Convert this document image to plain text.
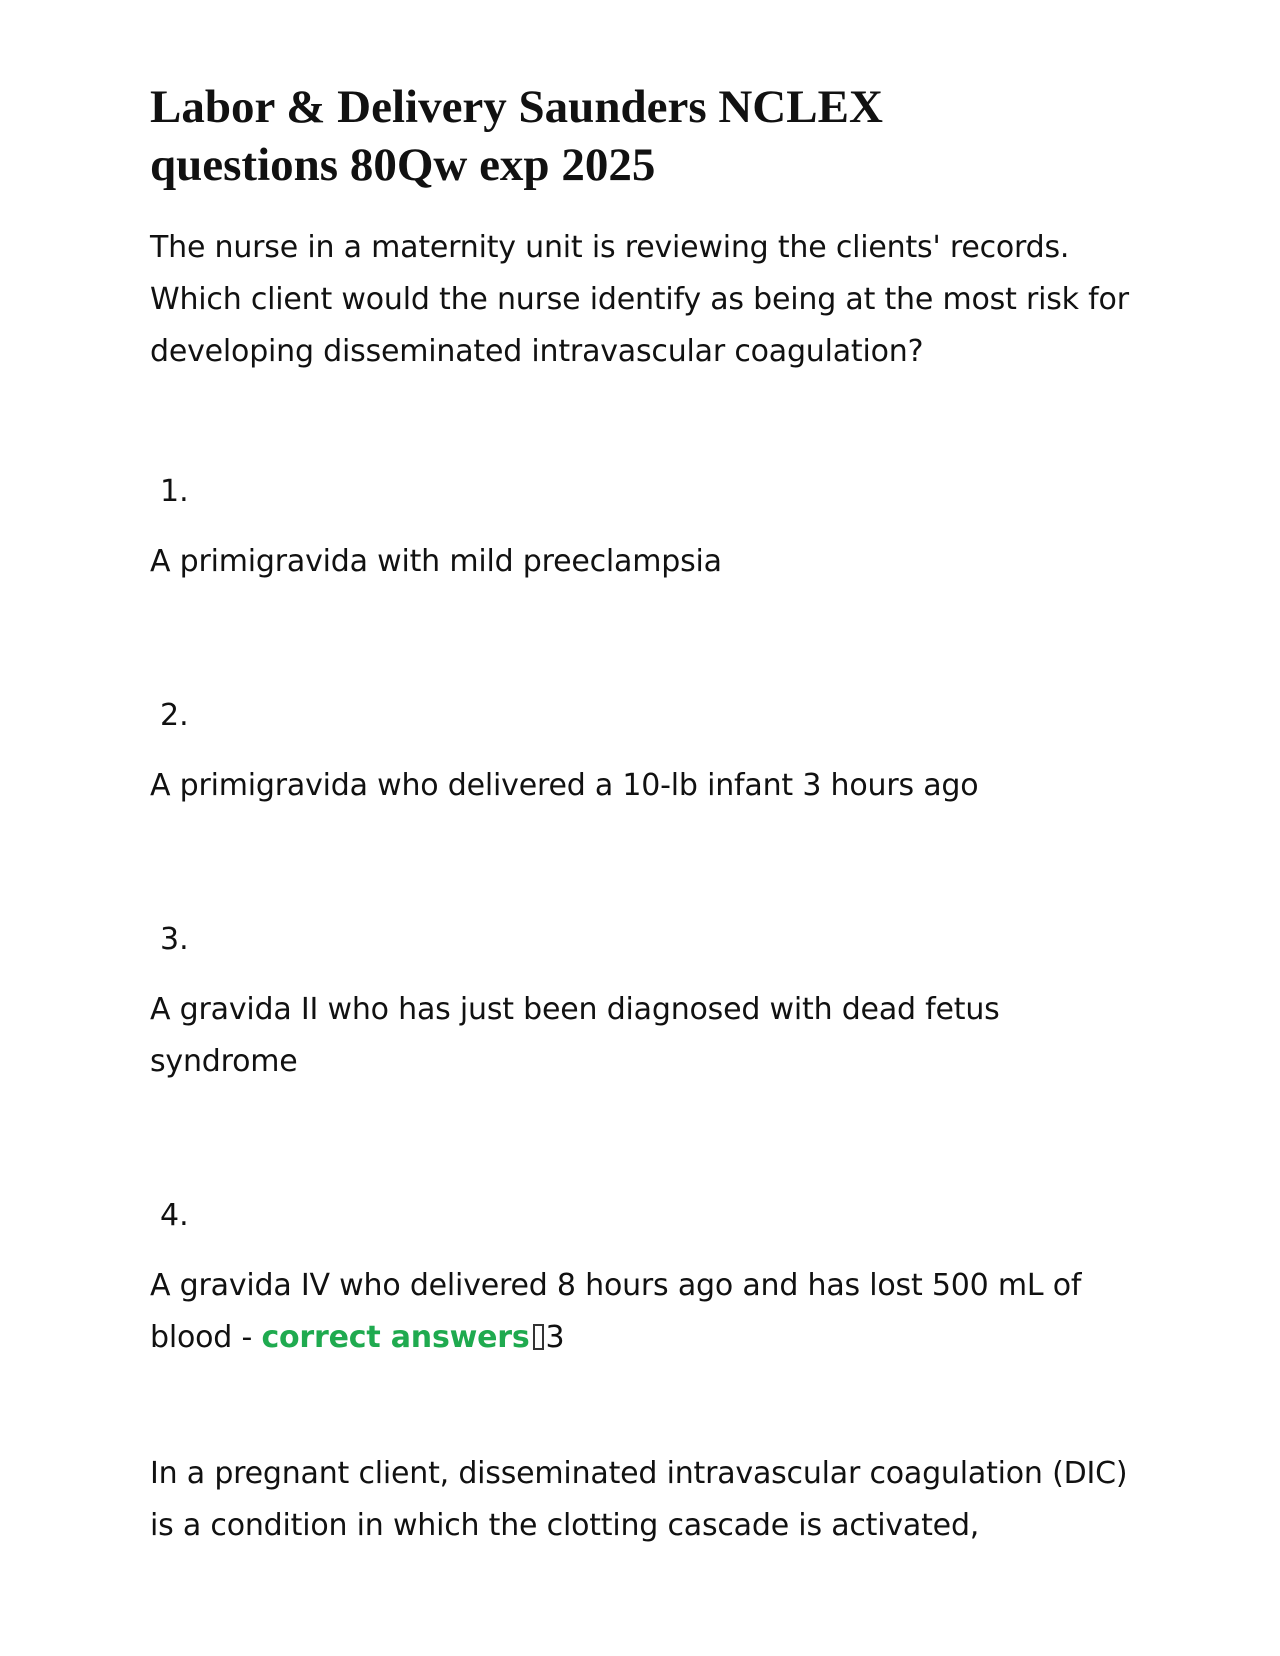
Labor & Delivery Saunders NCLEX questions 80Qw exp 2025

The nurse in a maternity unit is reviewing the clients' records. Which client would the nurse identify as being at the most risk for developing disseminated intravascular coagulation?

1.

A primigravida with mild preeclampsia

2.

A primigravida who delivered a 10-lb infant 3 hours ago

3.

A gravida II who has just been diagnosed with dead fetus syndrome

4.

A gravida IV who delivered 8 hours ago and has lost 500 mL of blood - correct answers 3

In a pregnant client, disseminated intravascular coagulation (DIC) is a condition in which the clotting cascade is activated,
